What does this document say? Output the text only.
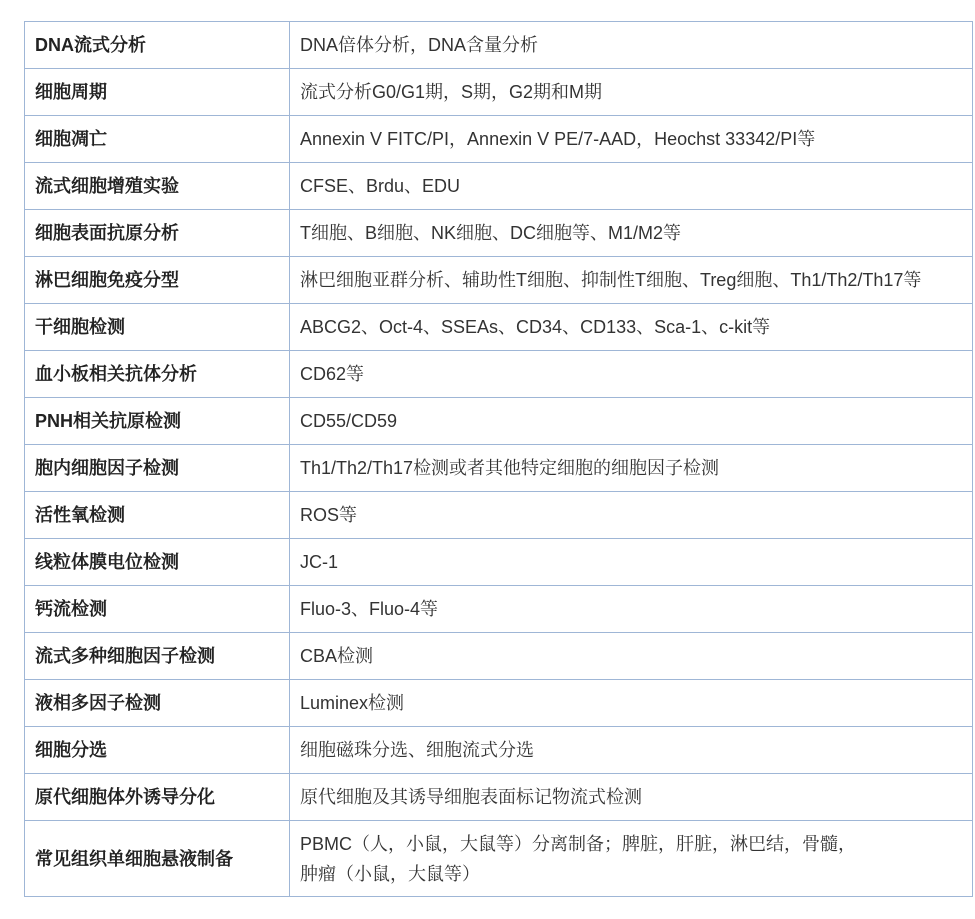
DNA流式分析	DNA倍体分析，DNA含量分析
细胞周期	流式分析G0/G1期，S期，G2期和M期
细胞凋亡	Annexin V FITC/PI，Annexin V PE/7-AAD，Heochst 33342/PI等
流式细胞增殖实验	CFSE、Brdu、EDU
细胞表面抗原分析	T细胞、B细胞、NK细胞、DC细胞等、M1/M2等
淋巴细胞免疫分型	淋巴细胞亚群分析、辅助性T细胞、抑制性T细胞、Treg细胞、Th1/Th2/Th17等
干细胞检测	ABCG2、Oct-4、SSEAs、CD34、CD133、Sca-1、c-kit等
血小板相关抗体分析	CD62等
PNH相关抗原检测	CD55/CD59
胞内细胞因子检测	Th1/Th2/Th17检测或者其他特定细胞的细胞因子检测
活性氧检测	ROS等
线粒体膜电位检测	JC-1
钙流检测	Fluo-3、Fluo-4等
流式多种细胞因子检测	CBA检测
液相多因子检测	Luminex检测
细胞分选	细胞磁珠分选、细胞流式分选
原代细胞体外诱导分化	原代细胞及其诱导细胞表面标记物流式检测
常见组织单细胞悬液制备	PBMC（人，小鼠，大鼠等）分离制备；脾脏，肝脏，淋巴结，骨髓，
肿瘤（小鼠，大鼠等）
